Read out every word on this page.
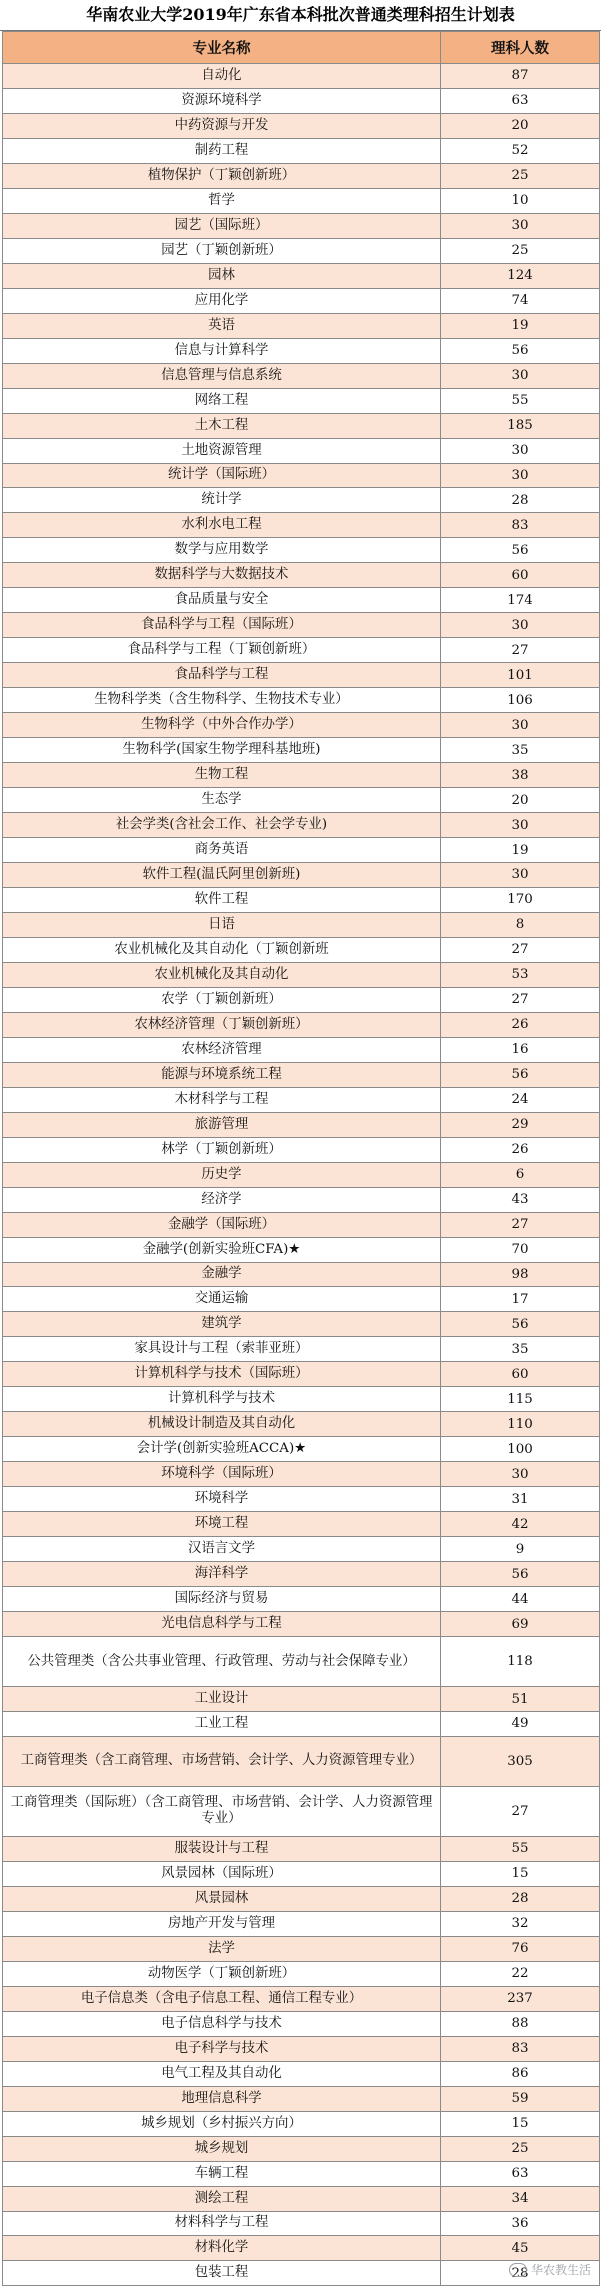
华南农业大学2019年广东省本科批次普通类理科招生计划表
专业名称	理科人数
自动化	87
资源环境科学	63
中药资源与开发	20
制药工程	52
植物保护（丁颖创新班）	25
哲学	10
园艺（国际班）	30
园艺（丁颖创新班）	25
园林	124
应用化学	74
英语	19
信息与计算科学	56
信息管理与信息系统	30
网络工程	55
土木工程	185
土地资源管理	30
统计学（国际班）	30
统计学	28
水利水电工程	83
数学与应用数学	56
数据科学与大数据技术	60
食品质量与安全	174
食品科学与工程（国际班）	30
食品科学与工程（丁颖创新班）	27
食品科学与工程	101
生物科学类（含生物科学、生物技术专业）	106
生物科学（中外合作办学）	30
生物科学(国家生物学理科基地班)	35
生物工程	38
生态学	20
社会学类(含社会工作、社会学专业)	30
商务英语	19
软件工程(温氏阿里创新班)	30
软件工程	170
日语	8
农业机械化及其自动化（丁颖创新班	27
农业机械化及其自动化	53
农学（丁颖创新班）	27
农林经济管理（丁颖创新班）	26
农林经济管理	16
能源与环境系统工程	56
木材科学与工程	24
旅游管理	29
林学（丁颖创新班）	26
历史学	6
经济学	43
金融学（国际班）	27
金融学(创新实验班CFA)★	70
金融学	98
交通运输	17
建筑学	56
家具设计与工程（索菲亚班）	35
计算机科学与技术（国际班）	60
计算机科学与技术	115
机械设计制造及其自动化	110
会计学(创新实验班ACCA)★	100
环境科学（国际班）	30
环境科学	31
环境工程	42
汉语言文学	9
海洋科学	56
国际经济与贸易	44
光电信息科学与工程	69
公共管理类（含公共事业管理、行政管理、劳动与社会保障专业）	118
工业设计	51
工业工程	49
工商管理类（含工商管理、市场营销、会计学、人力资源管理专业）	305
工商管理类（国际班）（含工商管理、市场营销、会计学、人力资源管理专业）	27
服装设计与工程	55
风景园林（国际班）	15
风景园林	28
房地产开发与管理	32
法学	76
动物医学（丁颖创新班）	22
电子信息类（含电子信息工程、通信工程专业）	237
电子信息科学与技术	88
电子科学与技术	83
电气工程及其自动化	86
地理信息科学	59
城乡规划（乡村振兴方向）	15
城乡规划	25
车辆工程	63
测绘工程	34
材料科学与工程	36
材料化学	45
包装工程	28 华农教生活
